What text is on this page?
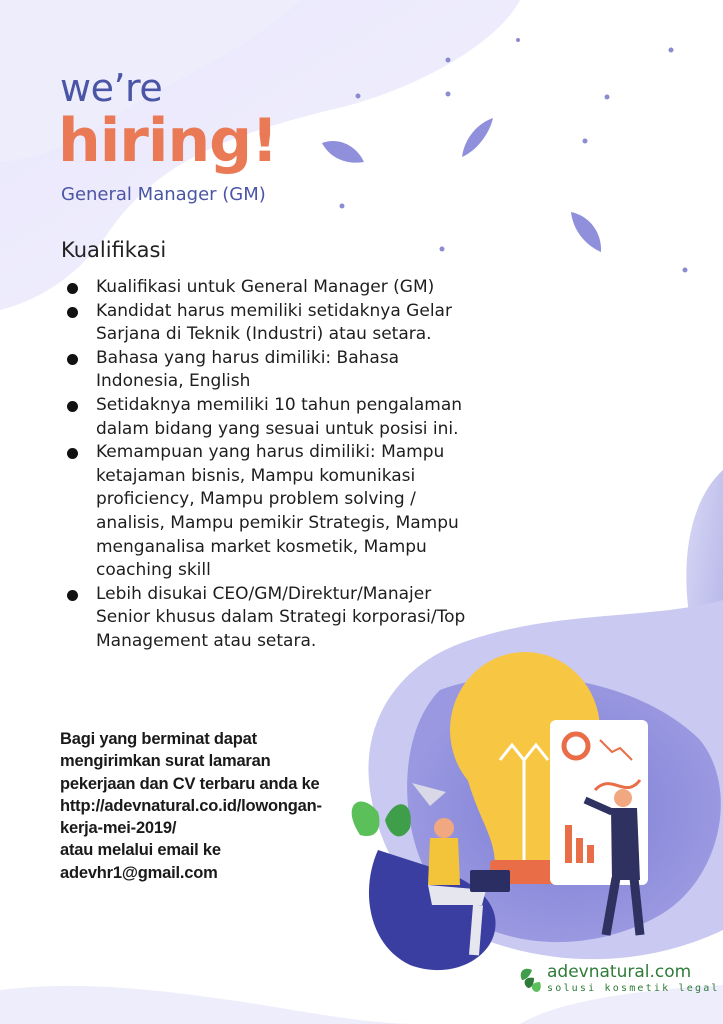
we’re
hiring!
General Manager (GM)
Kualifikasi
Kualifikasi untuk General Manager (GM)
Kandidat harus memiliki setidaknya Gelar
Sarjana di Teknik (Industri) atau setara.
Bahasa yang harus dimiliki: Bahasa
Indonesia, English
Setidaknya memiliki 10 tahun pengalaman
dalam bidang yang sesuai untuk posisi ini.
Kemampuan yang harus dimiliki: Mampu
ketajaman bisnis, Mampu komunikasi
proficiency, Mampu problem solving /
analisis, Mampu pemikir Strategis, Mampu
menganalisa market kosmetik, Mampu
coaching skill
Lebih disukai CEO/GM/Direktur/Manajer
Senior khusus dalam Strategi korporasi/Top
Management atau setara.
Bagi yang berminat dapat
mengirimkan surat lamaran
pekerjaan dan CV terbaru anda ke
http://adevnatural.co.id/lowongan-
kerja-mei-2019/
atau melalui email ke
adevhr1@gmail.com
adevnatural.com
solusi kosmetik legal
